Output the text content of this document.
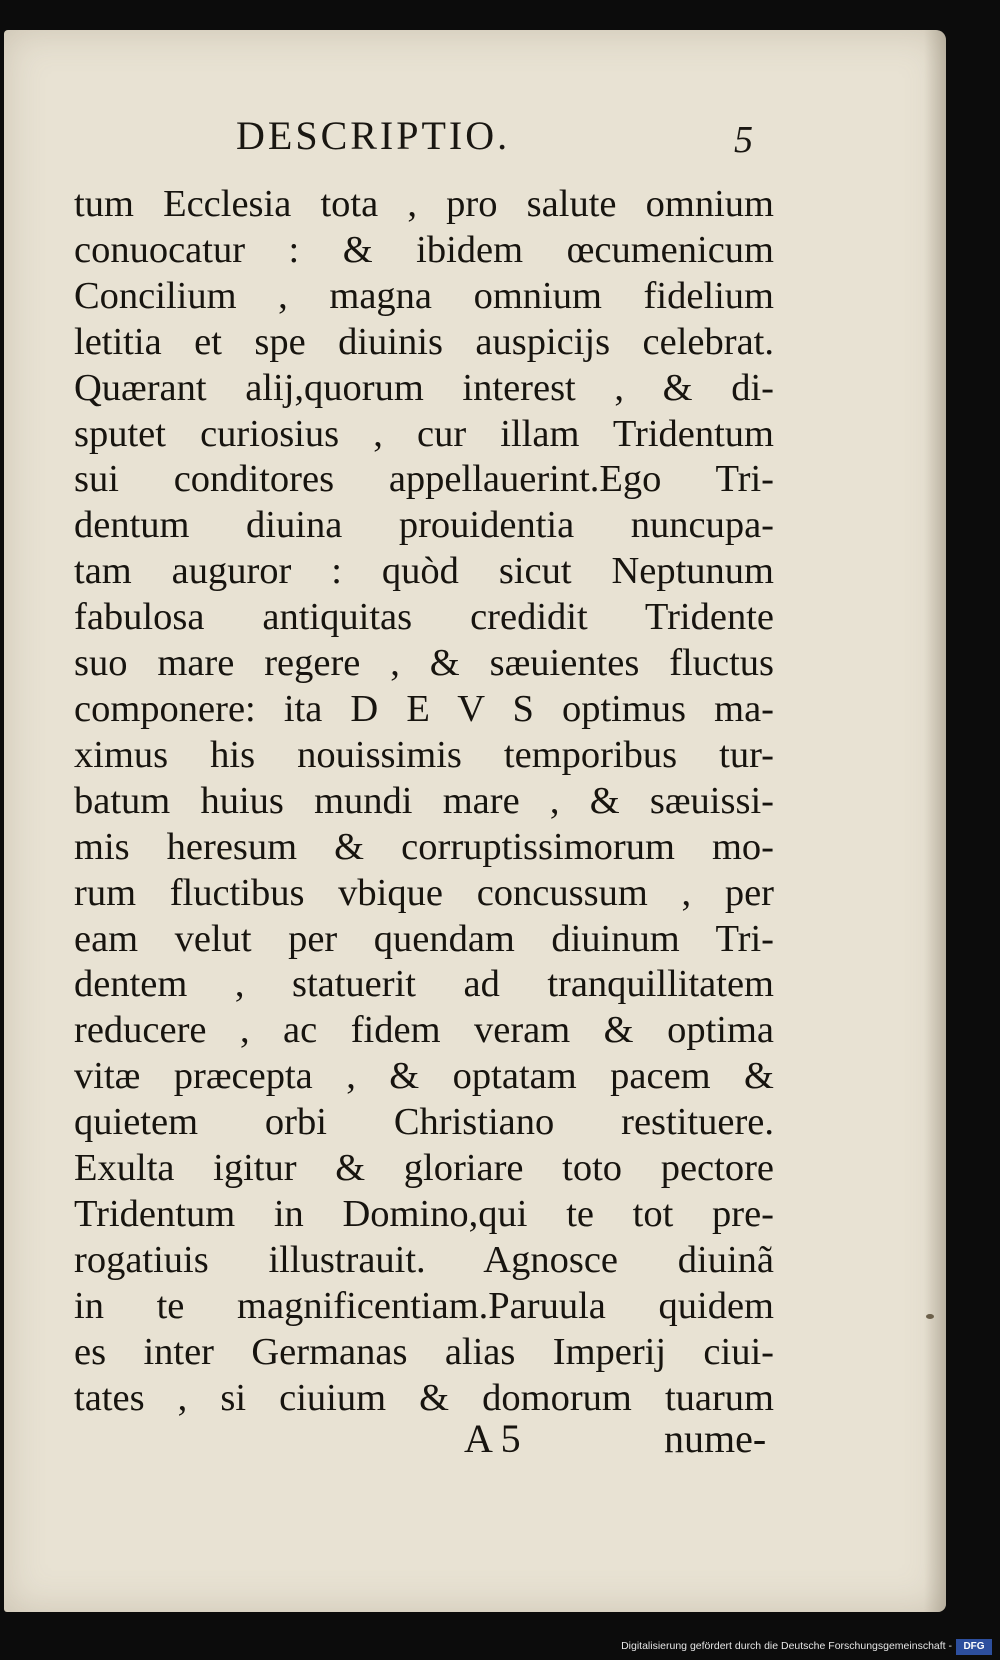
DESCRIPTIO.	5
tum Ecclesia tota , pro salute omnium
conuocatur : & ibidem œcumenicum
Concilium , magna omnium fidelium
letitia et spe diuinis auspicijs celebrat.
Quærant alij,quorum interest , & di-
sputet curiosius , cur illam Tridentum
sui conditores appellauerint.Ego Tri-
dentum diuina prouidentia nuncupa-
tam auguror : quòd sicut Neptunum
fabulosa antiquitas credidit Tridente
suo mare regere , & sæuientes fluctus
componere: ita D E V S optimus ma-
ximus his nouissimis temporibus tur-
batum huius mundi mare , & sæuissi-
mis heresum & corruptissimorum mo-
rum fluctibus vbique concussum , per
eam velut per quendam diuinum Tri-
dentem , statuerit ad tranquillitatem
reducere , ac fidem veram & optima
vitæ præcepta , & optatam pacem &
quietem orbi Christiano restituere.
Exulta igitur & gloriare toto pectore
Tridentum in Domino,qui te tot pre-
rogatiuis illustrauit. Agnosce diuinã
in te magnificentiam.Paruula quidem
es inter Germanas alias Imperij ciui-
tates , si ciuium & domorum tuarum
A 5	nume-
Digitalisierung gefördert durch die Deutsche Forschungsgemeinschaft -	DFG
